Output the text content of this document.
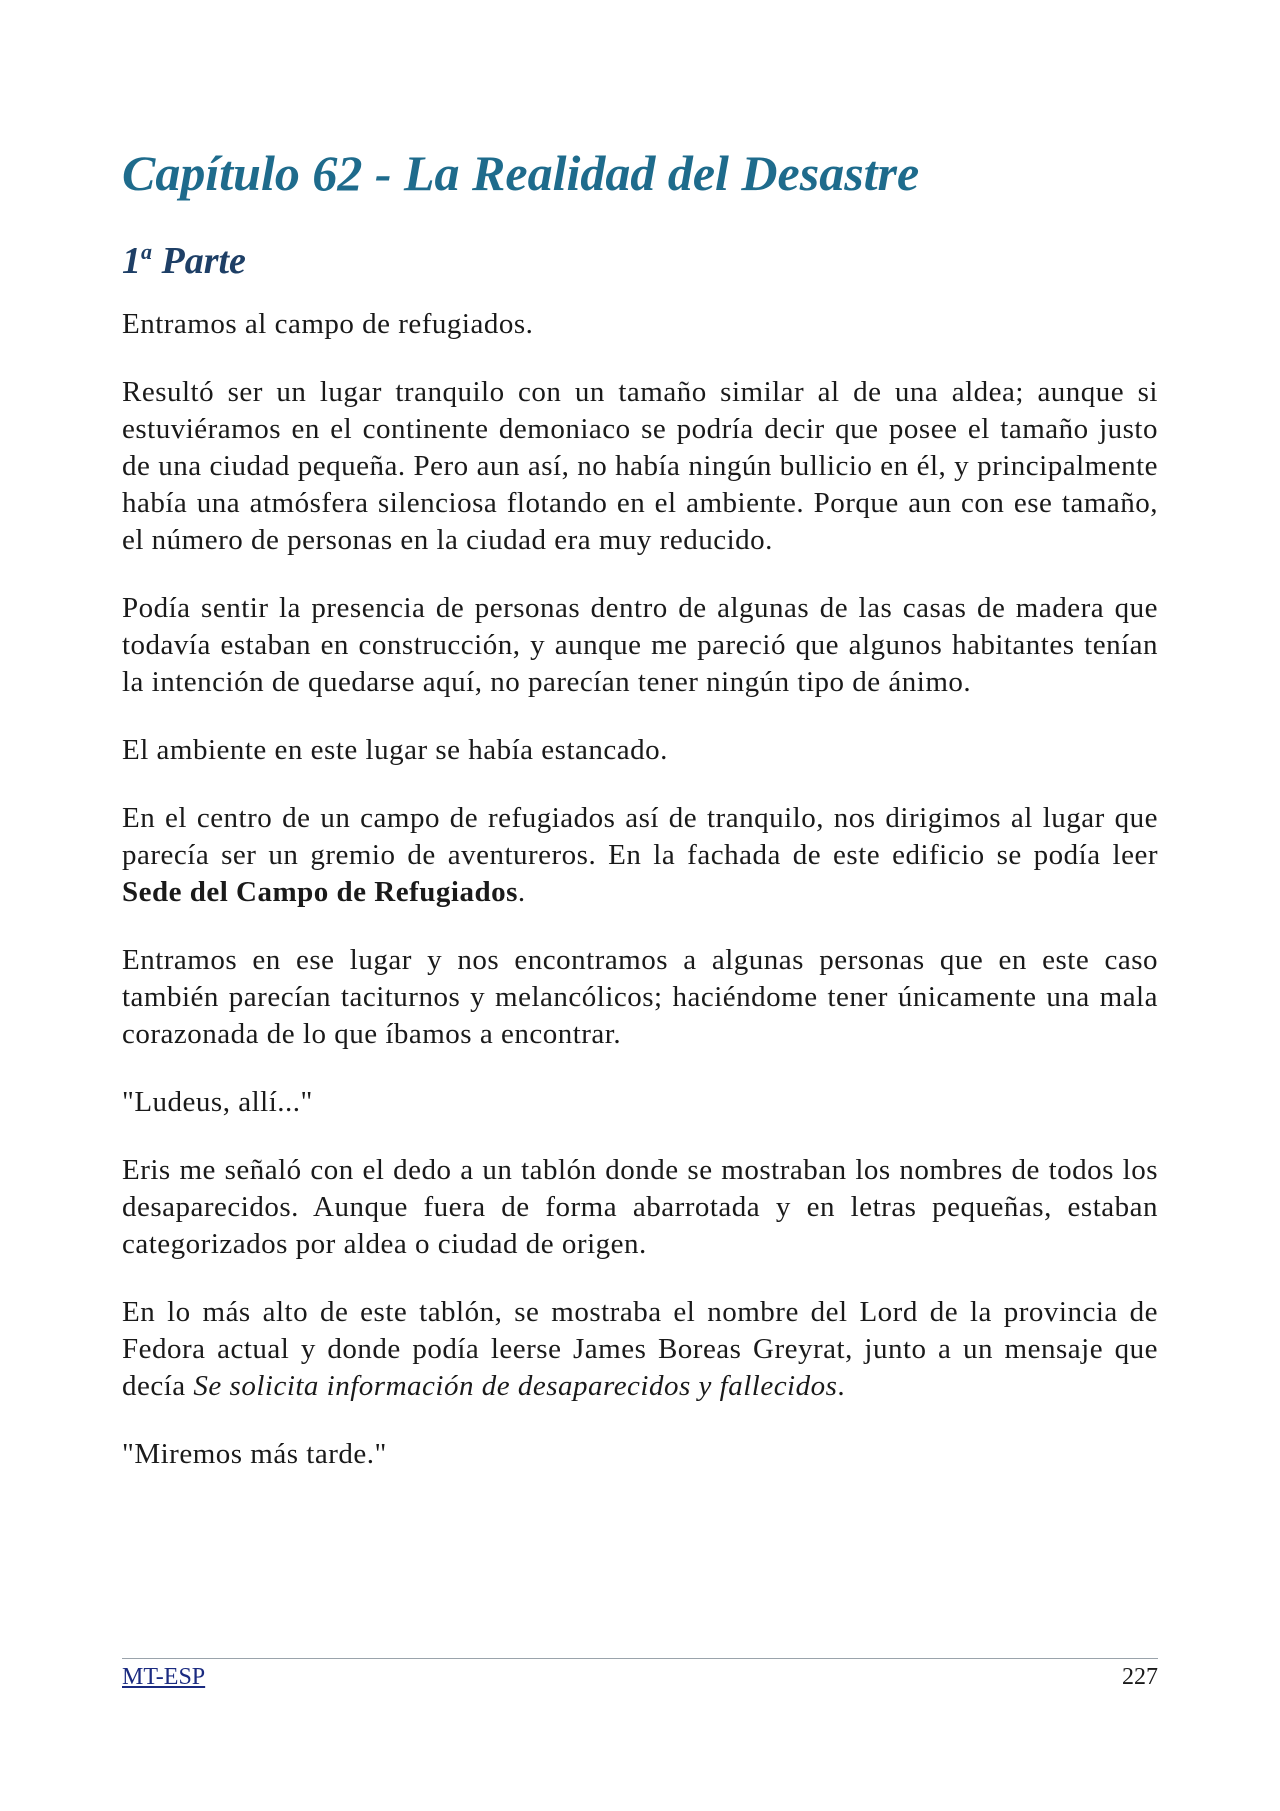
Capítulo 62 - La Realidad del Desastre
1$^a$ Parte

Entramos al campo de refugiados.

Resultó ser un lugar tranquilo con un tamaño similar al de una aldea; aunque si estuviéramos en el continente demoniaco se podría decir que posee el tamaño justo de una ciudad pequeña. Pero aun así, no había ningún bullicio en él, y principalmente había una atmósfera silenciosa flotando en el ambiente. Porque aun con ese tamaño, el número de personas en la ciudad era muy reducido.

Podía sentir la presencia de personas dentro de algunas de las casas de madera que todavía estaban en construcción, y aunque me pareció que algunos habitantes tenían la intención de quedarse aquí, no parecían tener ningún tipo de ánimo.

El ambiente en este lugar se había estancado.

En el centro de un campo de refugiados así de tranquilo, nos dirigimos al lugar que parecía ser un gremio de aventureros. En la fachada de este edificio se podía leer Sede del Campo de Refugiados.

Entramos en ese lugar y nos encontramos a algunas personas que en este caso también parecían taciturnos y melancólicos; haciéndome tener únicamente una mala corazonada de lo que íbamos a encontrar.

"Ludeus, allí..."

Eris me señaló con el dedo a un tablón donde se mostraban los nombres de todos los desaparecidos. Aunque fuera de forma abarrotada y en letras pequeñas, estaban categorizados por aldea o ciudad de origen.

En lo más alto de este tablón, se mostraba el nombre del Lord de la provincia de Fedora actual y donde podía leerse James Boreas Greyrat, junto a un mensaje que decía Se solicita información de desaparecidos y fallecidos.

"Miremos más tarde."

MT-ESP	227
